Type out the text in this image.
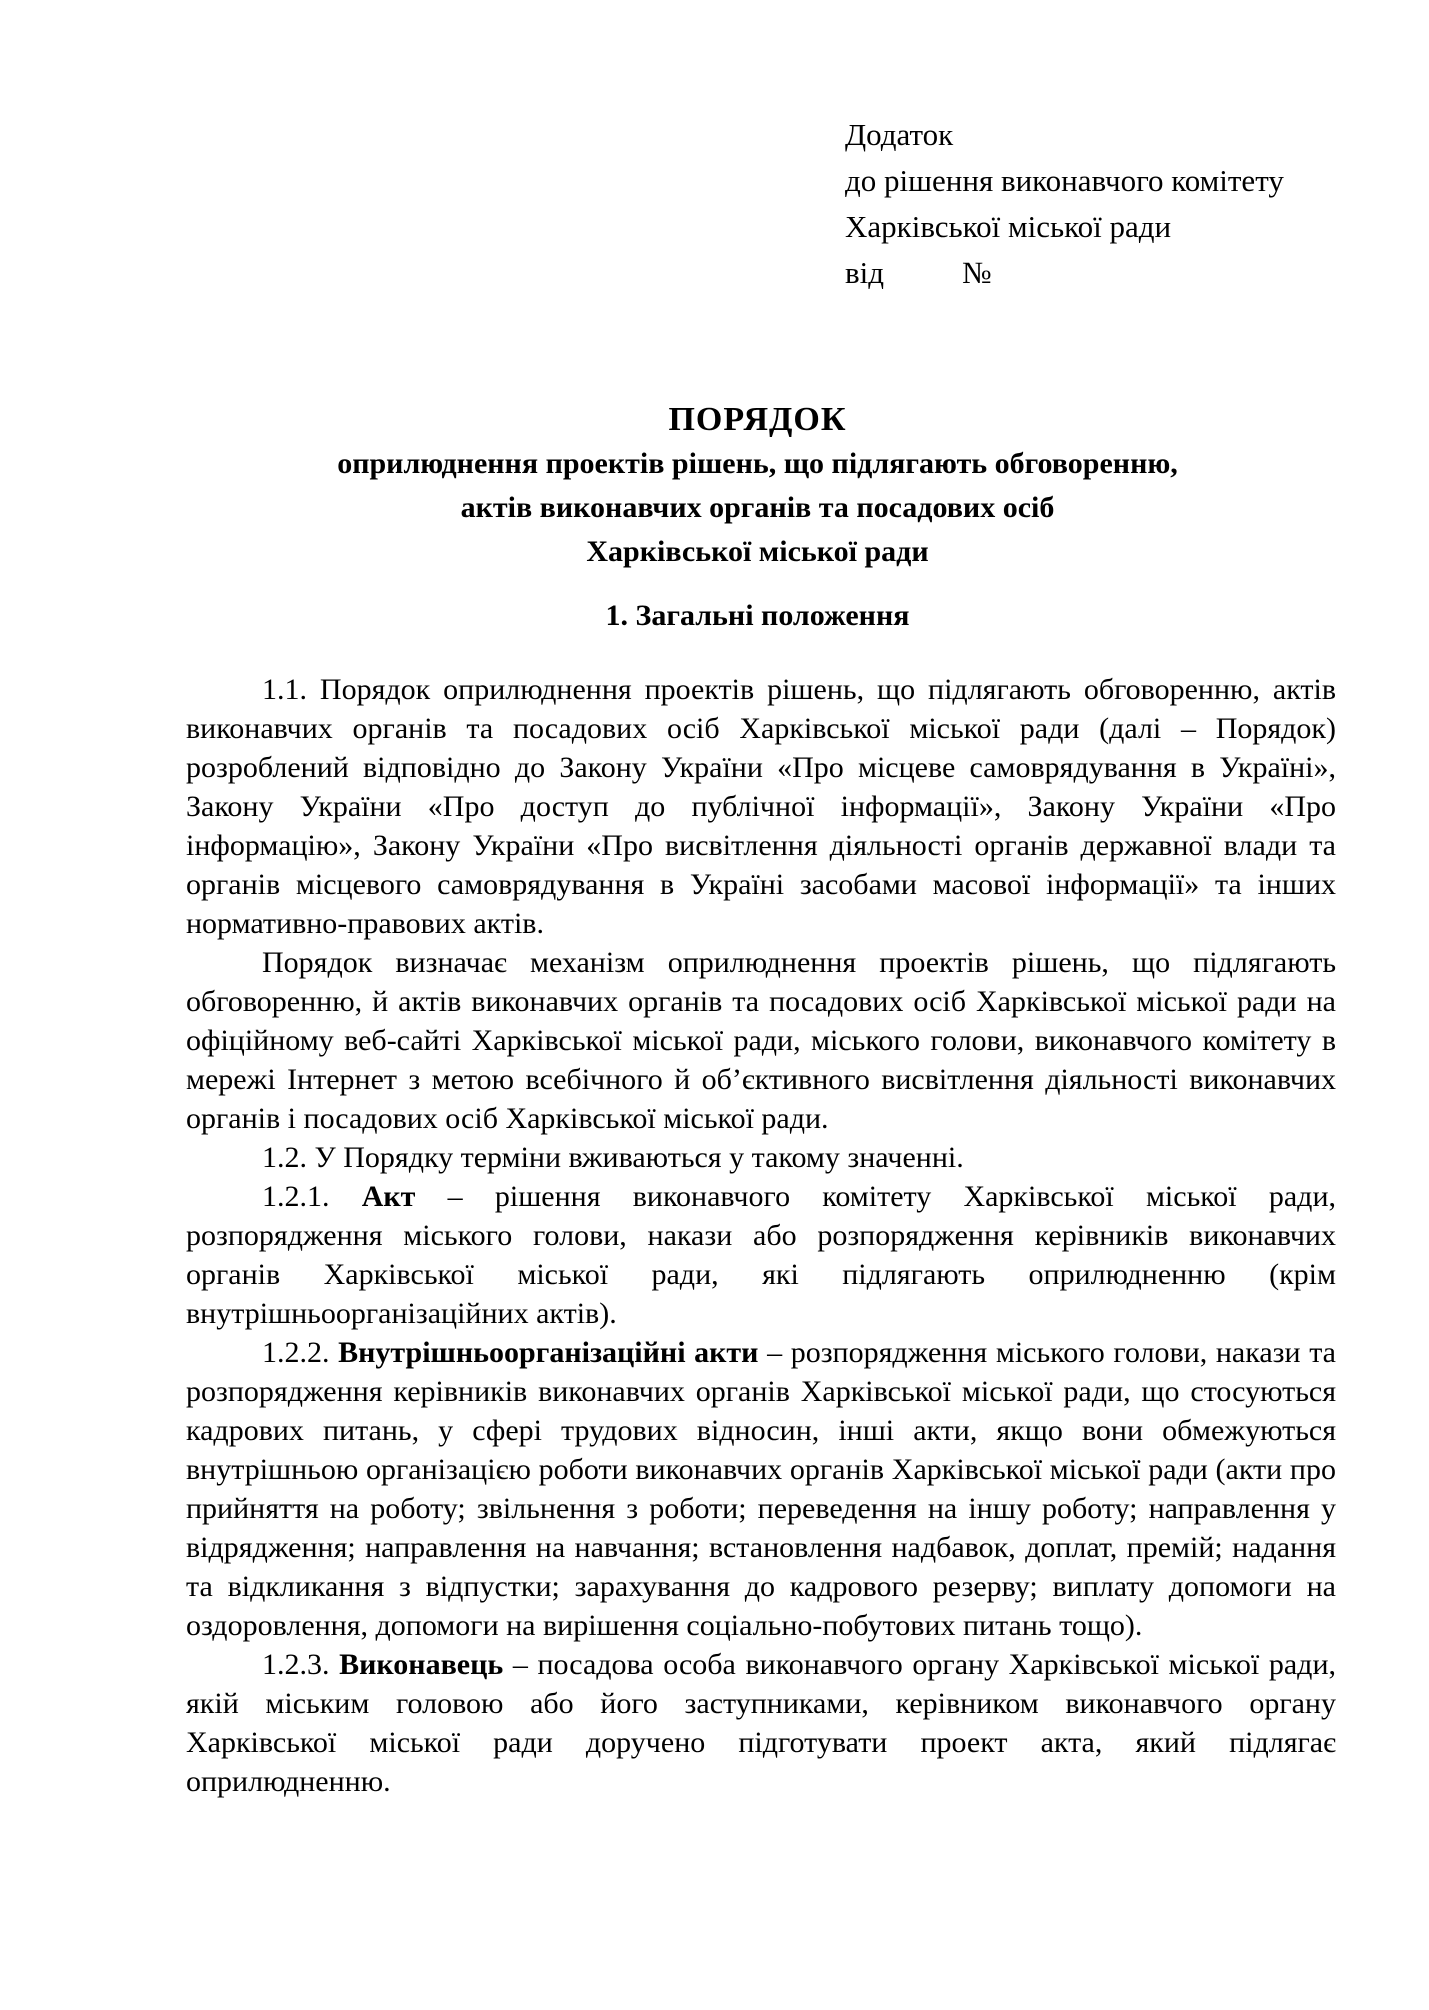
Додаток
до рішення виконавчого комітету
Харківської міської ради
від	№
ПОРЯДОК
оприлюднення проектів рішень, що підлягають обговоренню,
актів виконавчих органів та посадових осіб
Харківської міської ради
1. Загальні положення

1.1. Порядок оприлюднення проектів рішень, що підлягають обговоренню, актів виконавчих органів та посадових осіб Харківської міської ради (далі – Порядок) розроблений відповідно до Закону України «Про місцеве самоврядування в Україні», Закону України «Про доступ до публічної інформації», Закону України «Про інформацію», Закону України «Про висвітлення діяльності органів державної влади та органів місцевого самоврядування в Україні засобами масової інформації» та інших нормативно-правових актів.

Порядок визначає механізм оприлюднення проектів рішень, що підлягають обговоренню, й актів виконавчих органів та посадових осіб Харківської міської ради на офіційному веб-сайті Харківської міської ради, міського голови, виконавчого комітету в мережі Інтернет з метою всебічного й об’єктивного висвітлення діяльності виконавчих органів і посадових осіб Харківської міської ради.

1.2. У Порядку терміни вживаються у такому значенні.

1.2.1. Акт – рішення виконавчого комітету Харківської міської ради, розпорядження міського голови, накази або розпорядження керівників виконавчих органів Харківської міської ради, які підлягають оприлюдненню (крім внутрішньоорганізаційних актів).

1.2.2. Внутрішньоорганізаційні акти – розпорядження міського голови, накази та розпорядження керівників виконавчих органів Харківської міської ради, що стосуються кадрових питань, у сфері трудових відносин, інші акти, якщо вони обмежуються внутрішньою організацією роботи виконавчих органів Харківської міської ради (акти про прийняття на роботу; звільнення з роботи; переведення на іншу роботу; направлення у відрядження; направлення на навчання; встановлення надбавок, доплат, премій; надання та відкликання з відпустки; зарахування до кадрового резерву; виплату допомоги на оздоровлення, допомоги на вирішення соціально-побутових питань тощо).

1.2.3. Виконавець – посадова особа виконавчого органу Харківської міської ради, якій міським головою або його заступниками, керівником виконавчого органу Харківської міської ради доручено підготувати проект акта, який підлягає оприлюдненню.
